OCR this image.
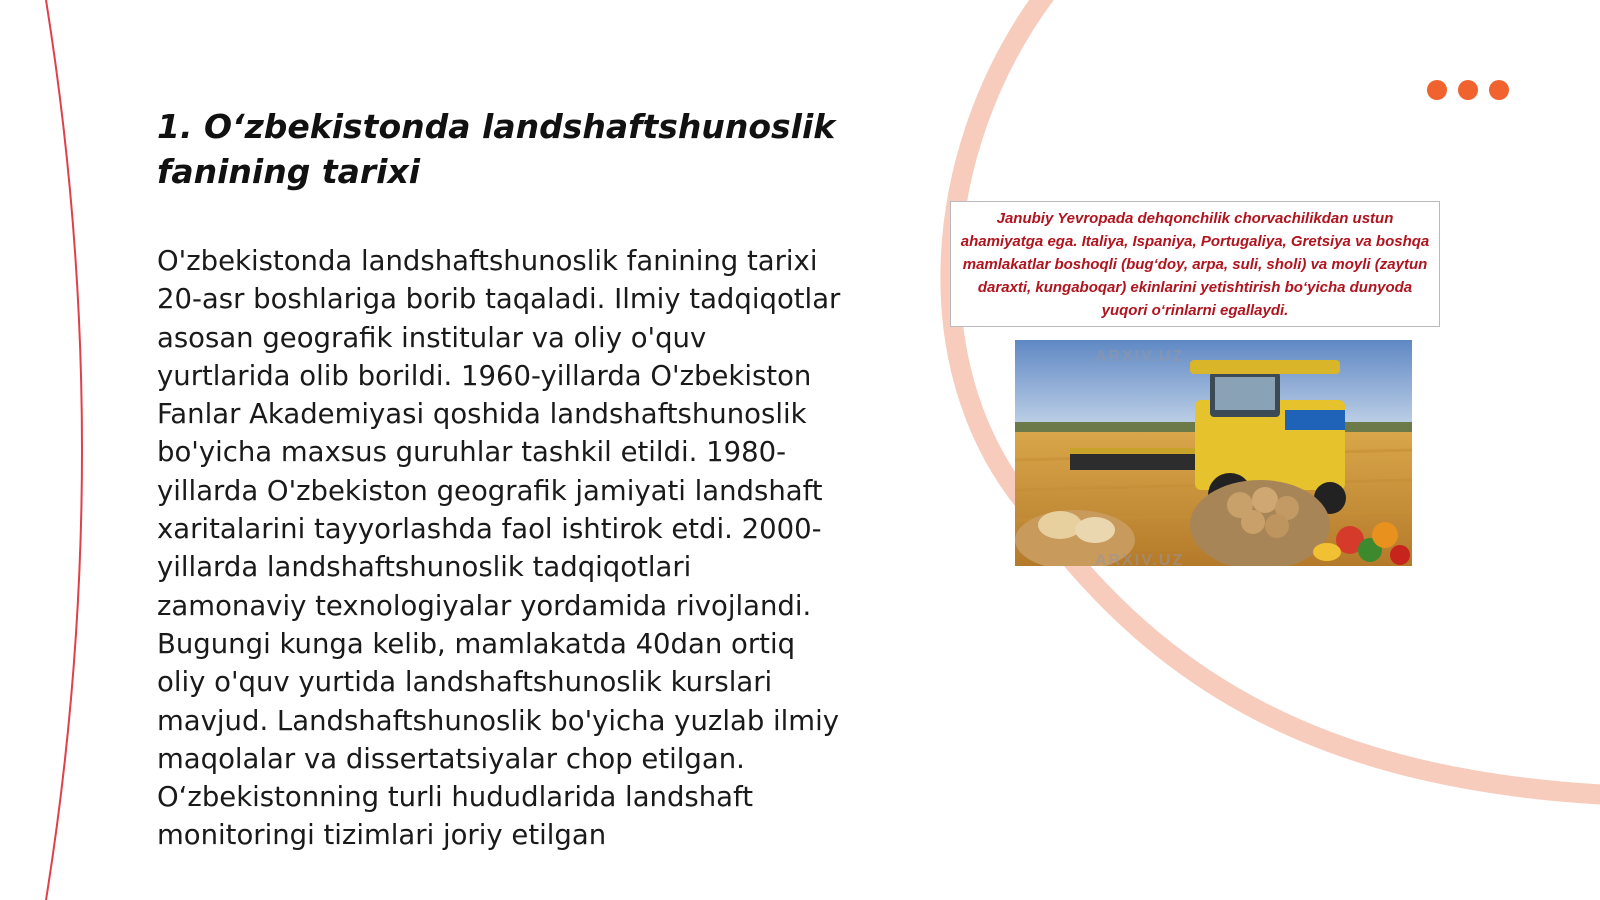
1. O‘zbekistonda landshaftshunoslik fanining tarixi

O'zbekistonda landshaftshunoslik fanining tarixi 20-asr boshlariga borib taqaladi. Ilmiy tadqiqotlar asosan geografik institular va oliy o'quv yurtlarida olib borildi. 1960-yillarda O'zbekiston Fanlar Akademiyasi qoshida landshaftshunoslik bo'yicha maxsus guruhlar tashkil etildi. 1980-yillarda O'zbekiston geografik jamiyati landshaft xaritalarini tayyorlashda faol ishtirok etdi. 2000-yillarda landshaftshunoslik tadqiqotlari zamonaviy texnologiyalar yordamida rivojlandi. Bugungi kunga kelib, mamlakatda 40dan ortiq oliy o'quv yurtida landshaftshunoslik kurslari mavjud. Landshaftshunoslik bo'yicha yuzlab ilmiy maqolalar va dissertatsiyalar chop etilgan. O‘zbekistonning turli hududlarida landshaft monitoringi tizimlari joriy etilgan

Janubiy Yevropada dehqonchilik chorvachilikdan ustun ahamiyatga ega. Italiya, Ispaniya, Portugaliya, Gretsiya va boshqa mamlakatlar boshoqli (bug‘doy, arpa, suli, sholi) va moyli (zaytun daraxti, kungaboqar) ekinlarini yetishtirish bo‘yicha dunyoda yuqori o‘rinlarni egallaydi.

ARXIV.UZ
ARXIV.UZ
